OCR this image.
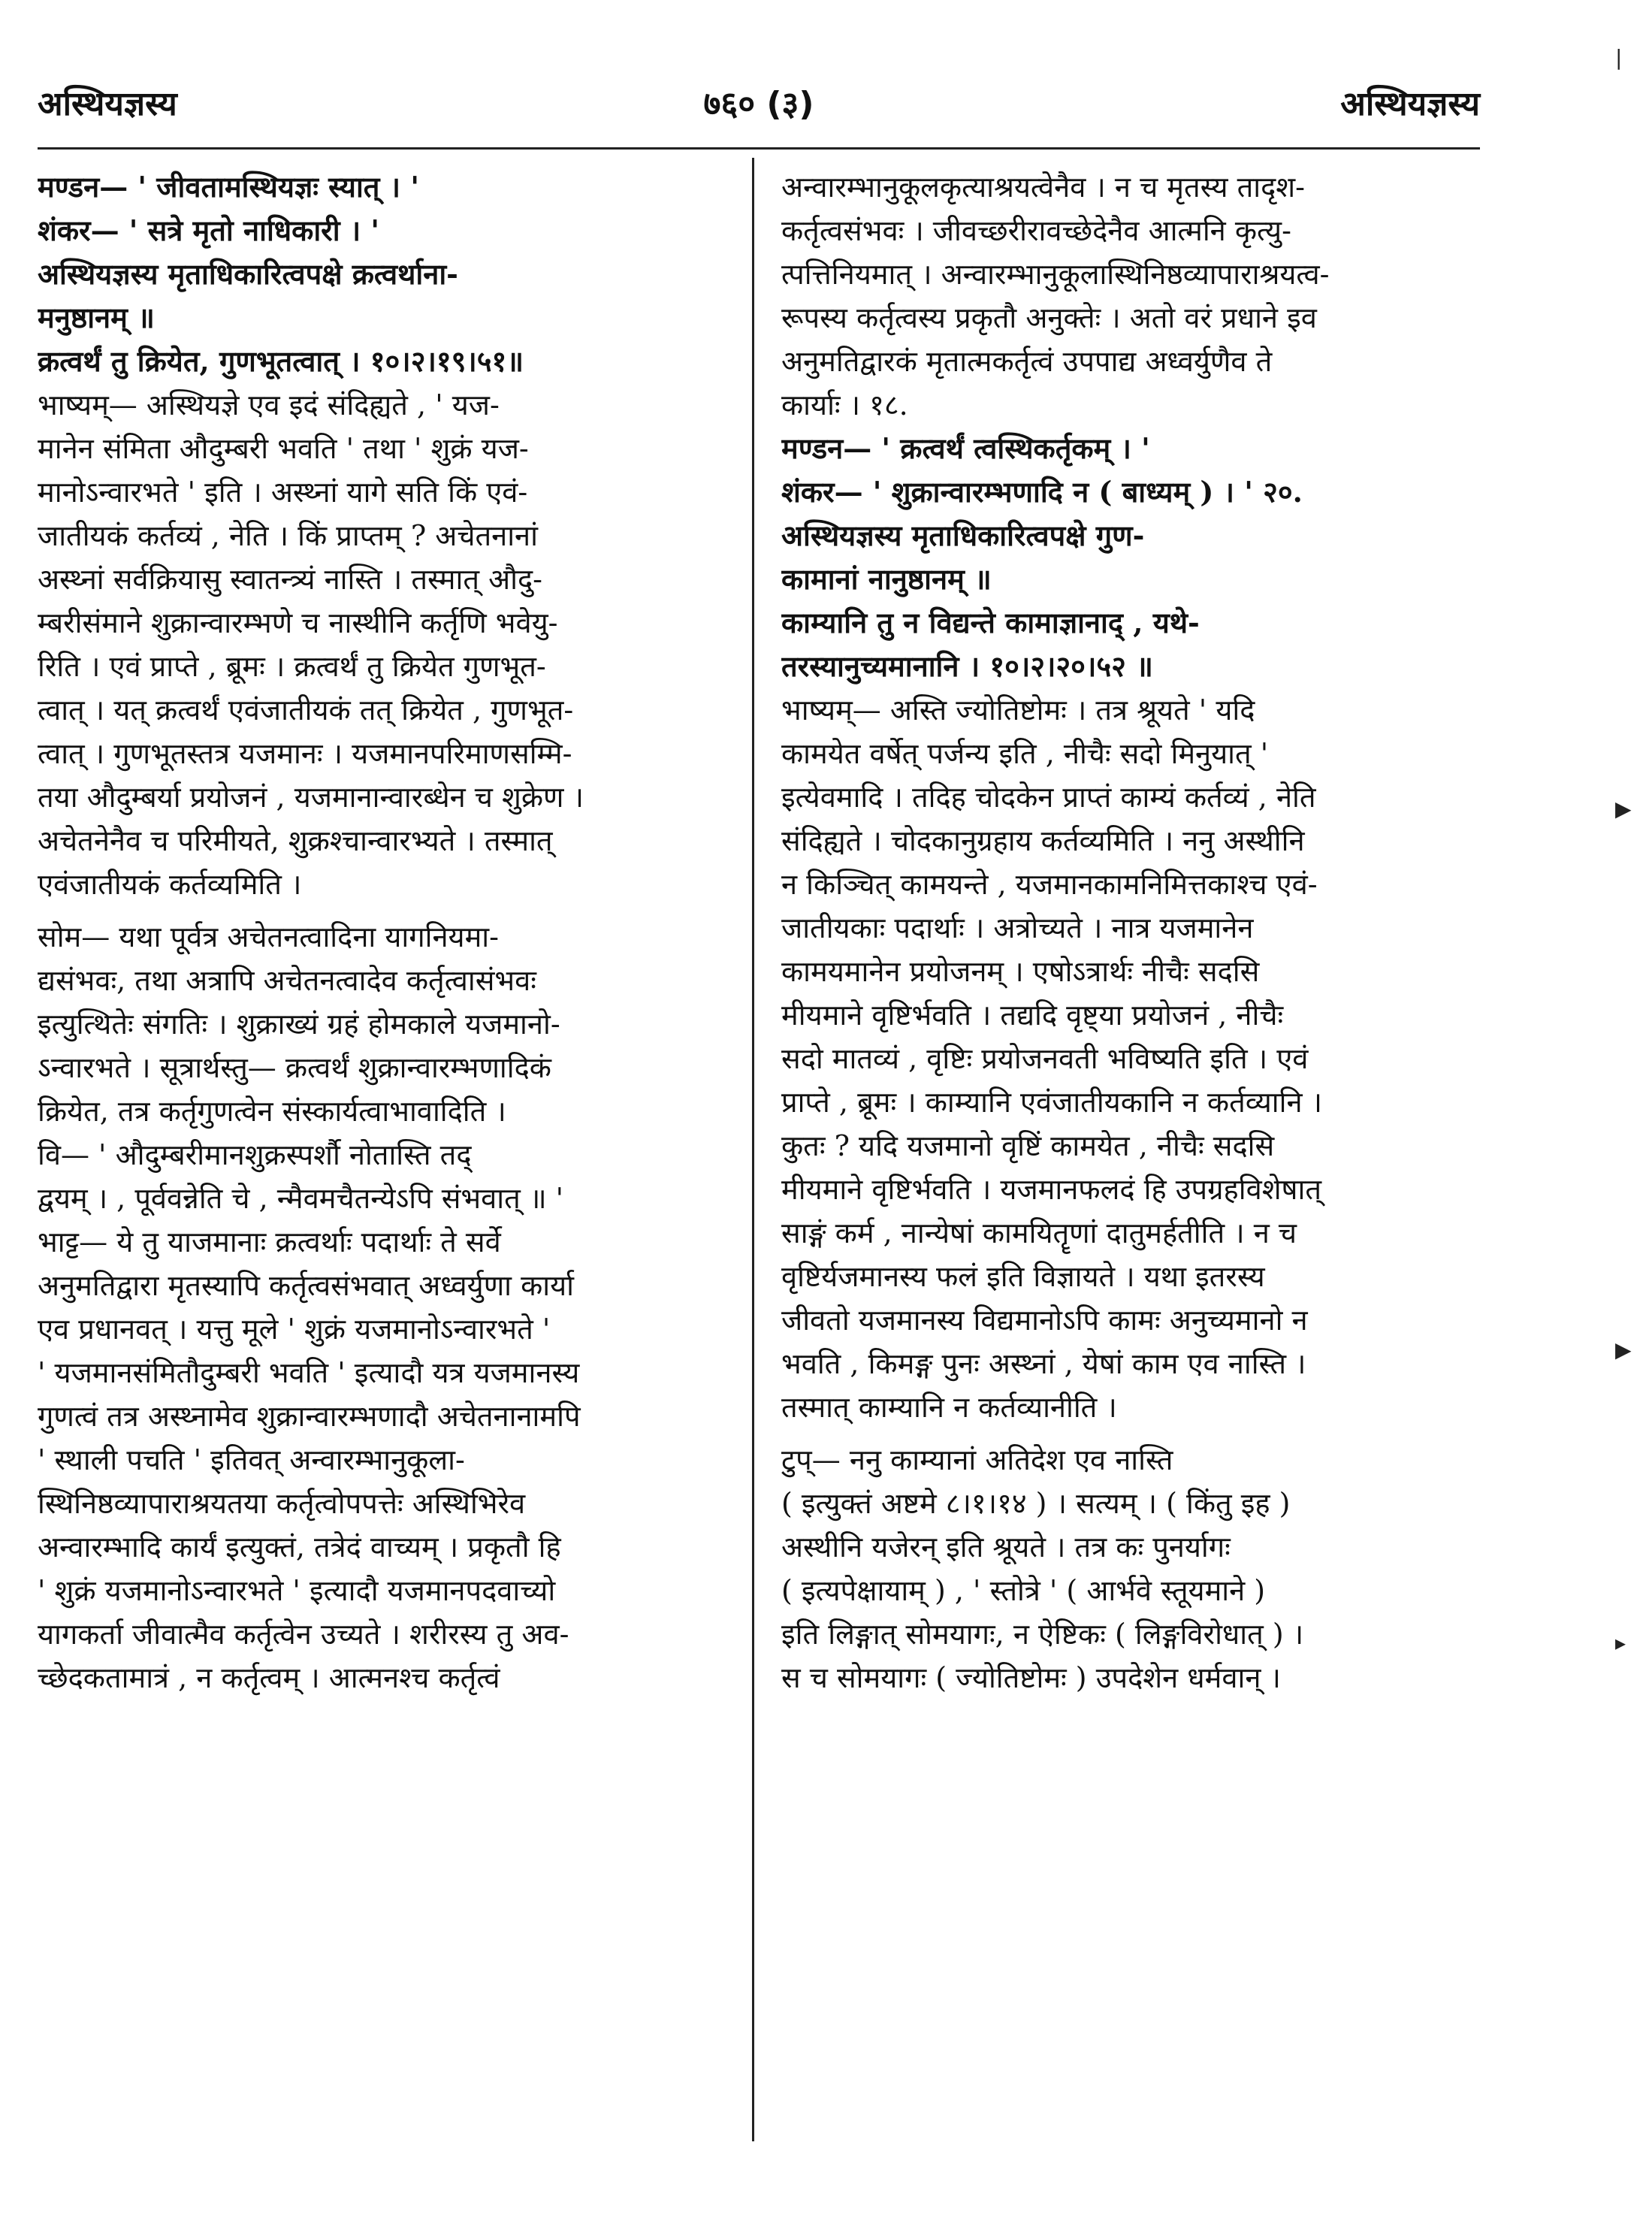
अस्थियज्ञस्य	७६० (३)	अस्थियज्ञस्य
मण्डन— ' जीवतामस्थियज्ञः स्यात् । '
शंकर— ' सत्रे मृतो नाधिकारी । '
अस्थियज्ञस्य मृताधिकारित्वपक्षे क्रत्वर्थाना-
मनुष्ठानम् ॥
क्रत्वर्थं तु क्रियेत, गुणभूतत्वात् । १०।२।१९।५१॥
भाष्यम्— अस्थियज्ञे एव इदं संदिह्यते , ' यज-
मानेन संमिता औदुम्बरी भवति ' तथा ' शुक्रं यज-
मानोऽन्वारभते ' इति । अस्थ्नां यागे सति किं एवं-
जातीयकं कर्तव्यं , नेति । किं प्राप्तम् ? अचेतनानां
अस्थ्नां सर्वक्रियासु स्वातन्त्र्यं नास्ति । तस्मात् औदु-
म्बरीसंमाने शुक्रान्वारम्भणे च नास्थीनि कर्तृणि भवेयु-
रिति । एवं प्राप्ते , ब्रूमः । क्रत्वर्थं तु क्रियेत गुणभूत-
त्वात् । यत् क्रत्वर्थं एवंजातीयकं तत् क्रियेत , गुणभूत-
त्वात् । गुणभूतस्तत्र यजमानः । यजमानपरिमाणसम्मि-
तया औदुम्बर्या प्रयोजनं , यजमानान्वारब्धेन च शुक्रेण ।
अचेतनेनैव च परिमीयते, शुक्रश्चान्वारभ्यते । तस्मात्
एवंजातीयकं कर्तव्यमिति ।
सोम— यथा पूर्वत्र अचेतनत्वादिना यागनियमा-
द्यसंभवः, तथा अत्रापि अचेतनत्वादेव कर्तृत्वासंभवः
इत्युत्थितेः संगतिः । शुक्राख्यं ग्रहं होमकाले यजमानो-
ऽन्वारभते । सूत्रार्थस्तु— क्रत्वर्थं शुक्रान्वारम्भणादिकं
क्रियेत, तत्र कर्तृगुणत्वेन संस्कार्यत्वाभावादिति ।
वि— ' औदुम्बरीमानशुक्रस्पर्शौ नोतास्ति तद्
द्वयम् । , पूर्ववन्नेति चे , न्मैवमचैतन्येऽपि संभवात् ॥ '
भाट्ट— ये तु याजमानाः क्रत्वर्थाः पदार्थाः ते सर्वे
अनुमतिद्वारा मृतस्यापि कर्तृत्वसंभवात् अध्वर्युणा कार्या
एव प्रधानवत् । यत्तु मूले ' शुक्रं यजमानोऽन्वारभते '
' यजमानसंमितौदुम्बरी भवति ' इत्यादौ यत्र यजमानस्य
गुणत्वं तत्र अस्थ्नामेव शुक्रान्वारम्भणादौ अचेतनानामपि
' स्थाली पचति ' इतिवत् अन्वारम्भानुकूला-
स्थिनिष्ठव्यापाराश्रयतया कर्तृत्वोपपत्तेः अस्थिभिरेव
अन्वारम्भादि कार्यं इत्युक्तं, तत्रेदं वाच्यम् । प्रकृतौ हि
' शुक्रं यजमानोऽन्वारभते ' इत्यादौ यजमानपदवाच्यो
यागकर्ता जीवात्मैव कर्तृत्वेन उच्यते । शरीरस्य तु अव-
च्छेदकतामात्रं , न कर्तृत्वम् । आत्मनश्च कर्तृत्वं
अन्वारम्भानुकूलकृत्याश्रयत्वेनैव । न च मृतस्य तादृश-
कर्तृत्वसंभवः । जीवच्छरीरावच्छेदेनैव आत्मनि कृत्यु-
त्पत्तिनियमात् । अन्वारम्भानुकूलास्थिनिष्ठव्यापाराश्रयत्व-
रूपस्य कर्तृत्वस्य प्रकृतौ अनुक्तेः । अतो वरं प्रधाने इव
अनुमतिद्वारकं मृतात्मकर्तृत्वं उपपाद्य अध्वर्युणैव ते
कार्याः । १८.
मण्डन— ' क्रत्वर्थं त्वस्थिकर्तृकम् । '
शंकर— ' शुक्रान्वारम्भणादि न ( बाध्यम् ) । ' २०.
अस्थियज्ञस्य मृताधिकारित्वपक्षे गुण-
कामानां नानुष्ठानम् ॥
काम्यानि तु न विद्यन्ते कामाज्ञानाद् , यथे-
तरस्यानुच्यमानानि । १०।२।२०।५२ ॥
भाष्यम्— अस्ति ज्योतिष्टोमः । तत्र श्रूयते ' यदि
कामयेत वर्षेत् पर्जन्य इति , नीचैः सदो मिनुयात् '
इत्येवमादि । तदिह चोदकेन प्राप्तं काम्यं कर्तव्यं , नेति
संदिह्यते । चोदकानुग्रहाय कर्तव्यमिति । ननु अस्थीनि
न किञ्चित् कामयन्ते , यजमानकामनिमित्तकाश्च एवं-
जातीयकाः पदार्थाः । अत्रोच्यते । नात्र यजमानेन
कामयमानेन प्रयोजनम् । एषोऽत्रार्थः नीचैः सदसि
मीयमाने वृष्टिर्भवति । तद्यदि वृष्ट्या प्रयोजनं , नीचैः
सदो मातव्यं , वृष्टिः प्रयोजनवती भविष्यति इति । एवं
प्राप्ते , ब्रूमः । काम्यानि एवंजातीयकानि न कर्तव्यानि ।
कुतः ? यदि यजमानो वृष्टिं कामयेत , नीचैः सदसि
मीयमाने वृष्टिर्भवति । यजमानफलदं हि उपग्रहविशेषात्
साङ्गं कर्म , नान्येषां कामयितॄणां दातुमर्हतीति । न च
वृष्टिर्यजमानस्य फलं इति विज्ञायते । यथा इतरस्य
जीवतो यजमानस्य विद्यमानोऽपि कामः अनुच्यमानो न
भवति , किमङ्ग पुनः अस्थ्नां , येषां काम एव नास्ति ।
तस्मात् काम्यानि न कर्तव्यानीति ।
टुप्— ननु काम्यानां अतिदेश एव नास्ति
( इत्युक्तं अष्टमे ८।१।१४ ) । सत्यम् । ( किंतु इह )
अस्थीनि यजेरन् इति श्रूयते । तत्र कः पुनर्यागः
( इत्यपेक्षायाम् ) , ' स्तोत्रे ' ( आर्भवे स्तूयमाने )
इति लिङ्गात् सोमयागः, न ऐष्टिकः ( लिङ्गविरोधात् ) ।
स च सोमयागः ( ज्योतिष्टोमः ) उपदेशेन धर्मवान् ।
|
▶
▶
▸
